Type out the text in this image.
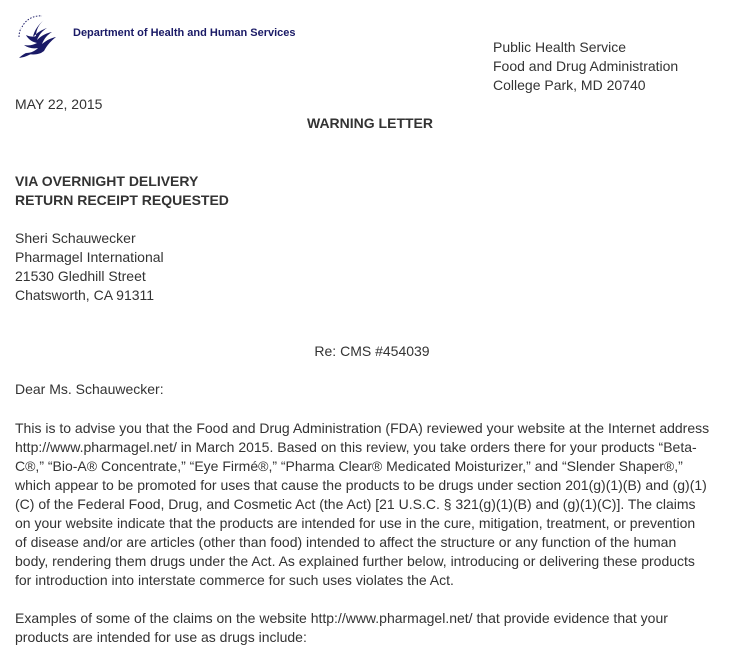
Department of Health and Human Services
Public Health Service
Food and Drug Administration
College Park, MD 20740
MAY 22, 2015
WARNING LETTER
VIA OVERNIGHT DELIVERY
RETURN RECEIPT REQUESTED
Sheri Schauwecker
Pharmagel International
21530 Gledhill Street
Chatsworth, CA 91311
Re: CMS #454039
Dear Ms. Schauwecker:
This is to advise you that the Food and Drug Administration (FDA) reviewed your website at the Internet address
http://www.pharmagel.net/ in March 2015. Based on this review, you take orders there for your products “Beta-
C®,” “Bio-A® Concentrate,” “Eye Firmé®,” “Pharma Clear® Medicated Moisturizer,” and “Slender Shaper®,”
which appear to be promoted for uses that cause the products to be drugs under section 201(g)(1)(B) and (g)(1)
(C) of the Federal Food, Drug, and Cosmetic Act (the Act) [21 U.S.C. § 321(g)(1)(B) and (g)(1)(C)]. The claims
on your website indicate that the products are intended for use in the cure, mitigation, treatment, or prevention
of disease and/or are articles (other than food) intended to affect the structure or any function of the human
body, rendering them drugs under the Act. As explained further below, introducing or delivering these products
for introduction into interstate commerce for such uses violates the Act.
Examples of some of the claims on the website http://www.pharmagel.net/ that provide evidence that your
products are intended for use as drugs include:
